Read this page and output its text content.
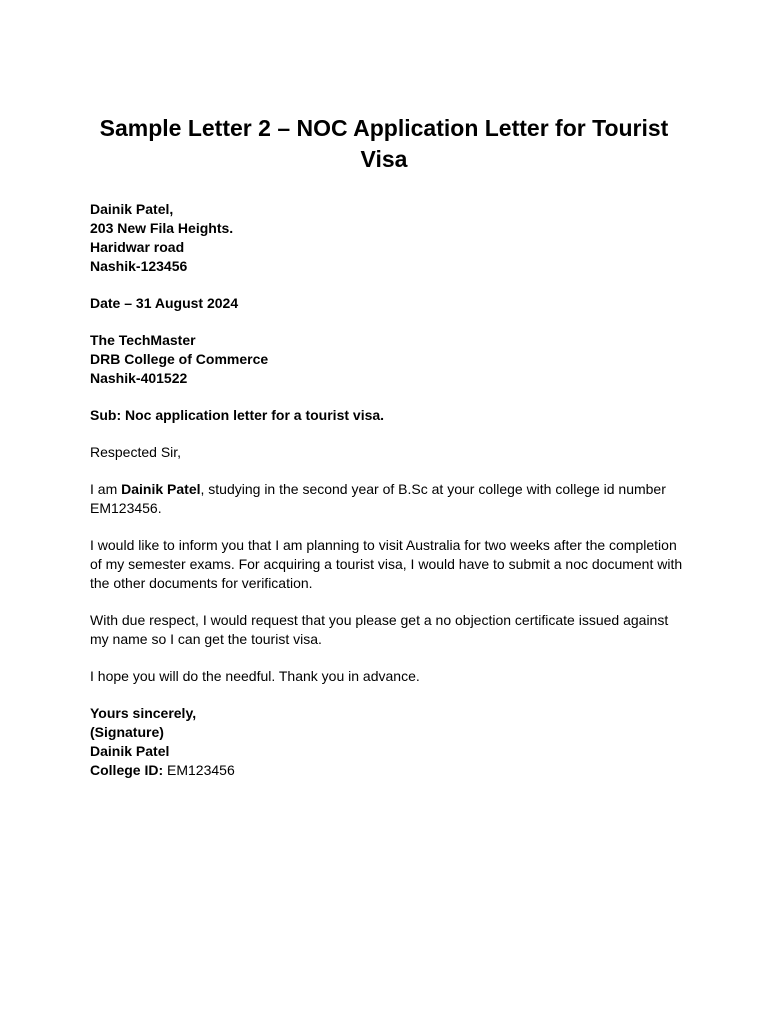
Sample Letter 2 – NOC Application Letter for Tourist Visa
Dainik Patel,
203 New Fila Heights.
Haridwar road
Nashik-123456
Date – 31 August 2024
The TechMaster
DRB College of Commerce
Nashik-401522
Sub: Noc application letter for a tourist visa.

Respected Sir,

I am Dainik Patel, studying in the second year of B.Sc at your college with college id number EM123456.

I would like to inform you that I am planning to visit Australia for two weeks after the completion of my semester exams. For acquiring a tourist visa, I would have to submit a noc document with the other documents for verification.

With due respect, I would request that you please get a no objection certificate issued against my name so I can get the tourist visa.

I hope you will do the needful. Thank you in advance.

Yours sincerely,
(Signature)
Dainik Patel
College ID: EM123456
